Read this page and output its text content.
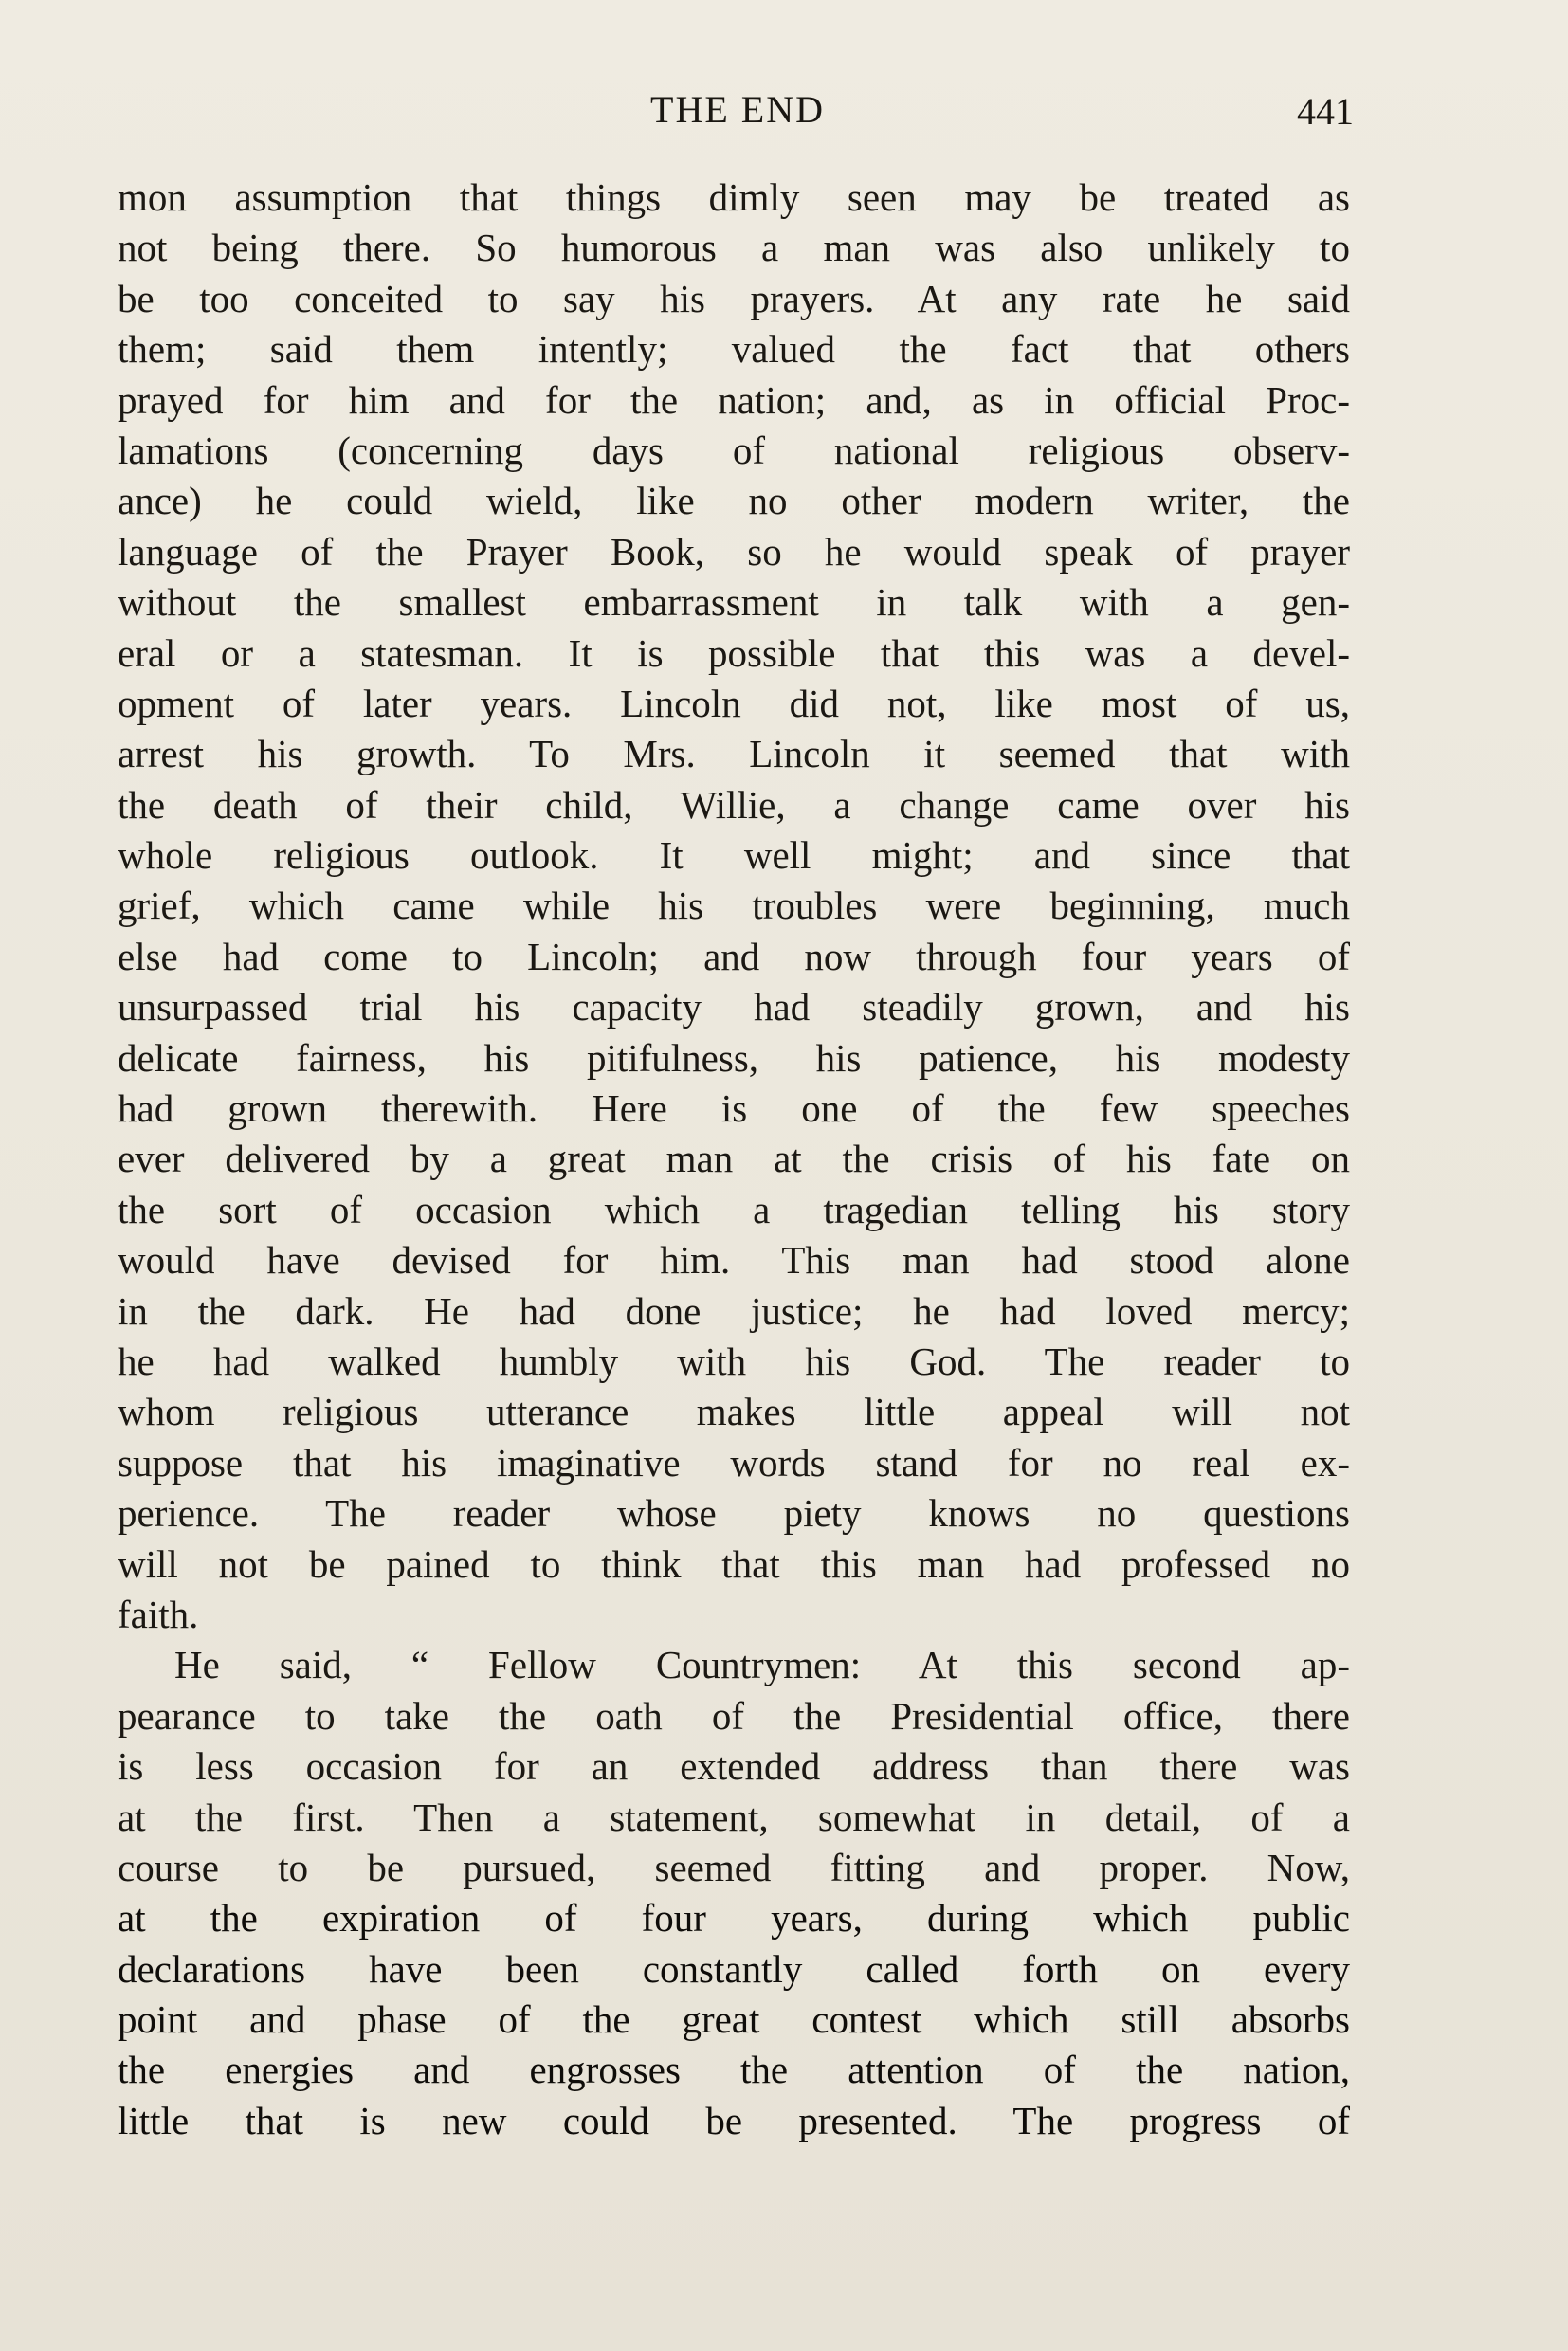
THE END	441
mon assumption that things dimly seen may be treated as
not being there. So humorous a man was also unlikely to
be too conceited to say his prayers. At any rate he said
them; said them intently; valued the fact that others
prayed for him and for the nation; and, as in official Proc-
lamations (concerning days of national religious observ-
ance) he could wield, like no other modern writer, the
language of the Prayer Book, so he would speak of prayer
without the smallest embarrassment in talk with a gen-
eral or a statesman. It is possible that this was a devel-
opment of later years. Lincoln did not, like most of us,
arrest his growth. To Mrs. Lincoln it seemed that with
the death of their child, Willie, a change came over his
whole religious outlook. It well might; and since that
grief, which came while his troubles were beginning, much
else had come to Lincoln; and now through four years of
unsurpassed trial his capacity had steadily grown, and his
delicate fairness, his pitifulness, his patience, his modesty
had grown therewith. Here is one of the few speeches
ever delivered by a great man at the crisis of his fate on
the sort of occasion which a tragedian telling his story
would have devised for him. This man had stood alone
in the dark. He had done justice; he had loved mercy;
he had walked humbly with his God. The reader to
whom religious utterance makes little appeal will not
suppose that his imaginative words stand for no real ex-
perience. The reader whose piety knows no questions
will not be pained to think that this man had professed no
faith.
He said, “ Fellow Countrymen: At this second ap-
pearance to take the oath of the Presidential office, there
is less occasion for an extended address than there was
at the first. Then a statement, somewhat in detail, of a
course to be pursued, seemed fitting and proper. Now,
at the expiration of four years, during which public
declarations have been constantly called forth on every
point and phase of the great contest which still absorbs
the energies and engrosses the attention of the nation,
little that is new could be presented. The progress of
